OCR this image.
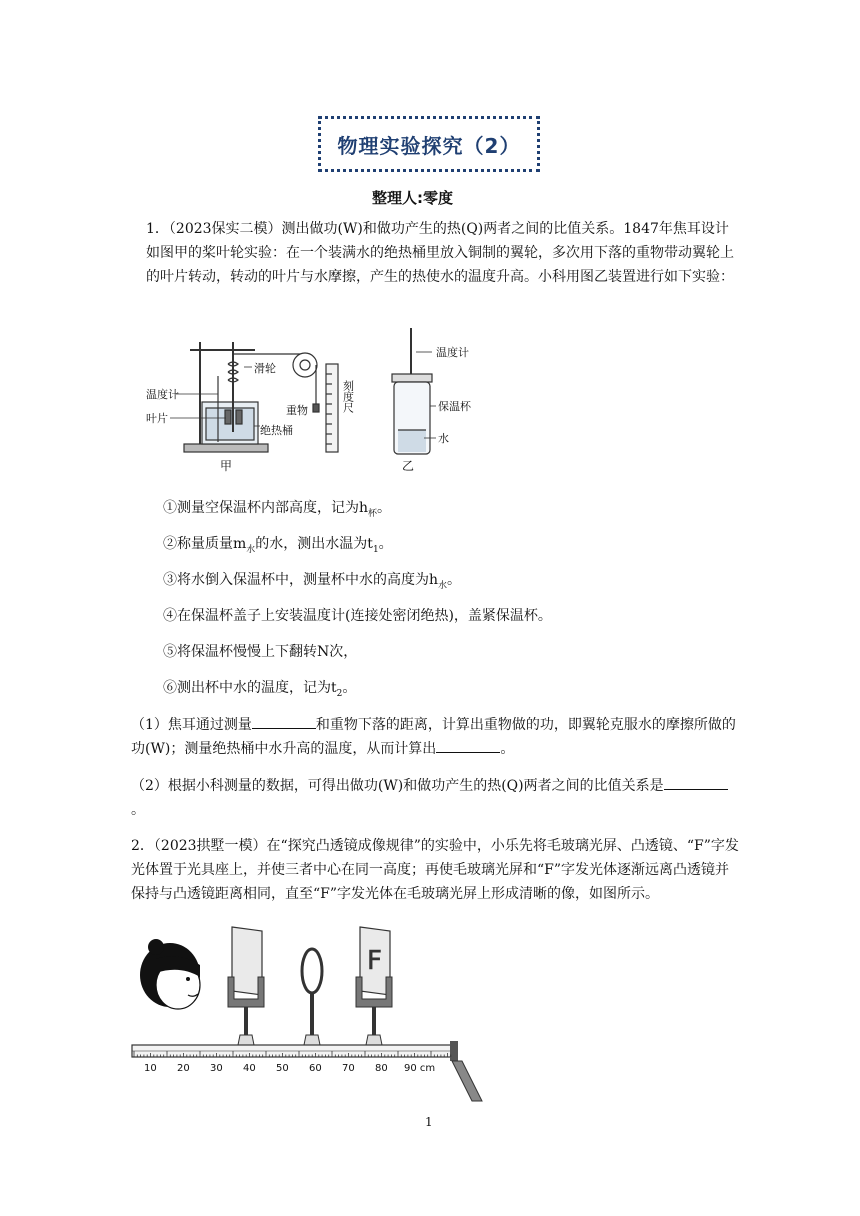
物理实验探究（2）
整理人:零度
1．（2023保实二模）测出做功(W)和做功产生的热(Q)两者之间的比值关系。1847年焦耳设计如图甲的桨叶轮实验：在一个装满水的绝热桶里放入铜制的翼轮，多次用下落的重物带动翼轮上的叶片转动，转动的叶片与水摩擦，产生的热使水的温度升高。小科用图乙装置进行如下实验：
温度计
叶片
滑轮
重物	刻度尺
绝热桶
甲
温度计
保温杯
水
乙
①测量空保温杯内部高度，记为$h_杯$。
②称量质量$m_水$的水，测出水温为$t_1$。
③将水倒入保温杯中，测量杯中水的高度为$h_水$。
④在保温杯盖子上安装温度计(连接处密闭绝热)，盖紧保温杯。
⑤将保温杯慢慢上下翻转N次，
⑥测出杯中水的温度，记为$t_2$。
（1）焦耳通过测量	和重物下落的距离，计算出重物做的功，即翼轮克服水的摩擦所做的功(W)；测量绝热桶中水升高的温度，从而计算出	。
（2）根据小科测量的数据，可得出做功(W)和做功产生的热(Q)两者之间的比值关系是。
2．（2023拱墅一模）在“探究凸透镜成像规律”的实验中，小乐先将毛玻璃光屏、凸透镜、“F”字发光体置于光具座上，并使三者中心在同一高度；再使毛玻璃光屏和“F”字发光体逐渐远离凸透镜并保持与凸透镜距离相同，直至“F”字发光体在毛玻璃光屏上形成清晰的像，如图所示。
F
10 20 30 40 50 60 70 80 90 cm
1
